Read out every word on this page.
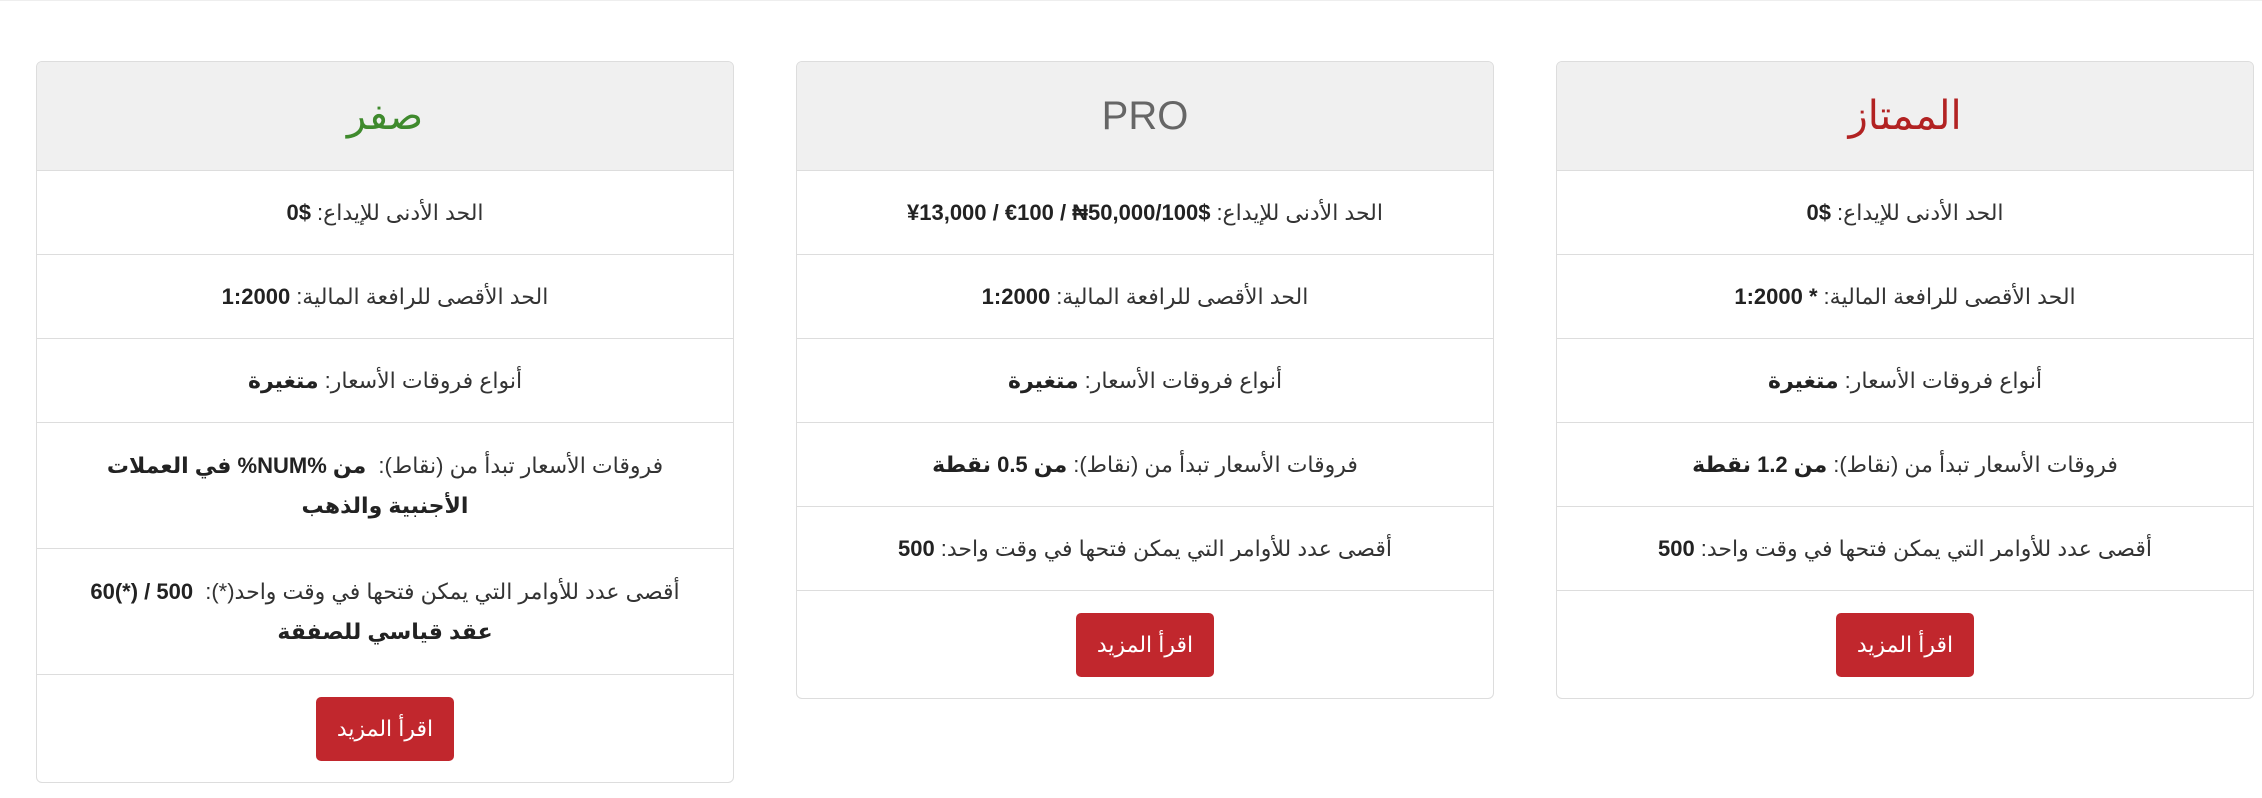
الممتاز
الحد الأدنى للإيداع:
0$
الحد الأقصى للرافعة المالية:
1:2000 *
أنواع فروقات الأسعار:
متغيرة
فروقات الأسعار تبدأ من (نقاط):
من 1.2 نقطة
أقصى عدد للأوامر التي يمكن فتحها في وقت واحد:
500
اقرأ المزيد
PRO
الحد الأدنى للإيداع:
100$/₦50,000 / €100 / ¥13,000
الحد الأقصى للرافعة المالية:
1:2000
أنواع فروقات الأسعار:
متغيرة
فروقات الأسعار تبدأ من (نقاط):
من 0.5 نقطة
أقصى عدد للأوامر التي يمكن فتحها في وقت واحد:
500
اقرأ المزيد
صفر
الحد الأدنى للإيداع:
0$
الحد الأقصى للرافعة المالية:
1:2000
أنواع فروقات الأسعار:
متغيرة
فروقات الأسعار تبدأ من (نقاط): من %NUM% في العملات الأجنبية والذهب
أقصى عدد للأوامر التي يمكن فتحها في وقت واحد(*): 500 / (*)60 عقد قياسي للصفقة
اقرأ المزيد
